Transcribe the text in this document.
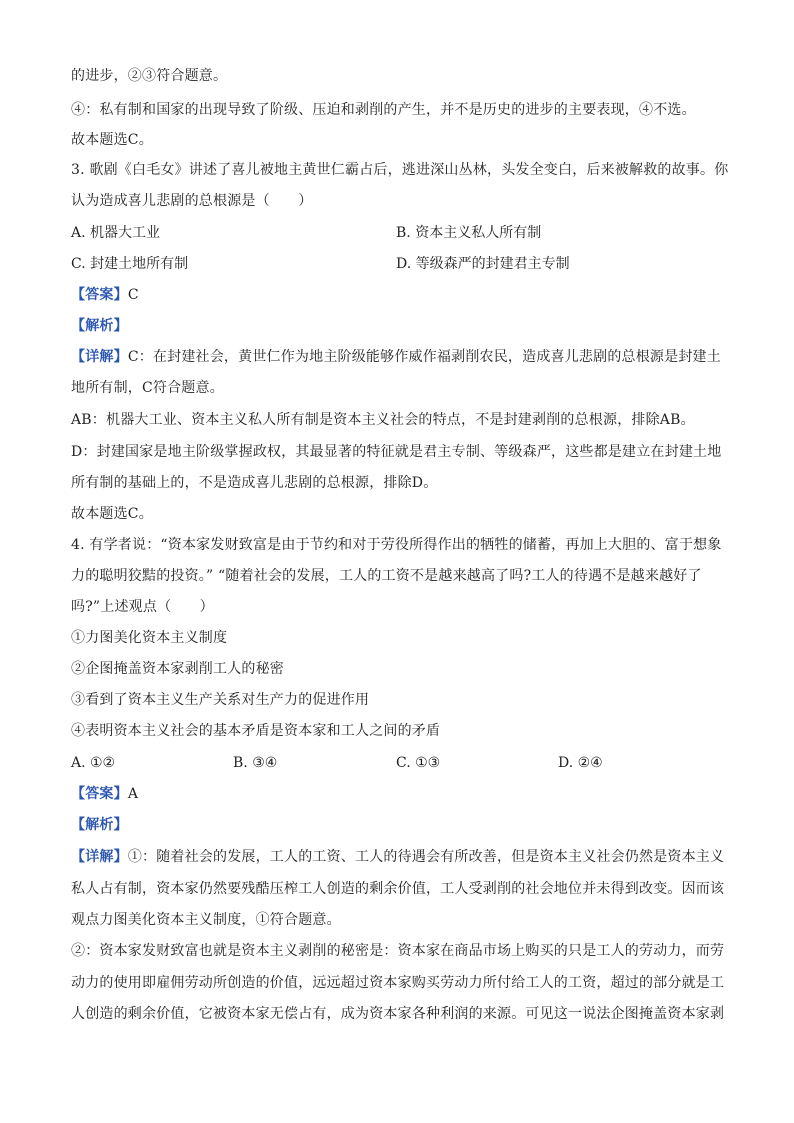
的进步，②③符合题意。
④：私有制和国家的出现导致了阶级、压迫和剥削的产生，并不是历史的进步的主要表现，④不选。
故本题选C。
3. 歌剧《白毛女》讲述了喜儿被地主黄世仁霸占后，逃进深山丛林，头发全变白，后来被解救的故事。你
认为造成喜儿悲剧的总根源是（　　）
A. 机器大工业	B. 资本主义私人所有制
C. 封建土地所有制	D. 等级森严的封建君主专制
【答案】C
【解析】
【详解】C：在封建社会，黄世仁作为地主阶级能够作威作福剥削农民，造成喜儿悲剧的总根源是封建土
地所有制，C符合题意。
AB：机器大工业、资本主义私人所有制是资本主义社会的特点，不是封建剥削的总根源，排除AB。
D：封建国家是地主阶级掌握政权，其最显著的特征就是君主专制、等级森严，这些都是建立在封建土地
所有制的基础上的，不是造成喜儿悲剧的总根源，排除D。
故本题选C。
4. 有学者说：“资本家发财致富是由于节约和对于劳役所得作出的牺牲的储蓄，再加上大胆的、富于想象
力的聪明狡黠的投资。” “随着社会的发展，工人的工资不是越来越高了吗?工人的待遇不是越来越好了
吗?”上述观点（　　）
①力图美化资本主义制度
②企图掩盖资本家剥削工人的秘密
③看到了资本主义生产关系对生产力的促进作用
④表明资本主义社会的基本矛盾是资本家和工人之间的矛盾
A. ①②	B. ③④	C. ①③	D. ②④
【答案】A
【解析】
【详解】①：随着社会的发展，工人的工资、工人的待遇会有所改善，但是资本主义社会仍然是资本主义
私人占有制，资本家仍然要残酷压榨工人创造的剩余价值，工人受剥削的社会地位并未得到改变。因而该
观点力图美化资本主义制度，①符合题意。
②：资本家发财致富也就是资本主义剥削的秘密是：资本家在商品市场上购买的只是工人的劳动力，而劳
动力的使用即雇佣劳动所创造的价值，远远超过资本家购买劳动力所付给工人的工资，超过的部分就是工
人创造的剩余价值，它被资本家无偿占有，成为资本家各种利润的来源。可见这一说法企图掩盖资本家剥
